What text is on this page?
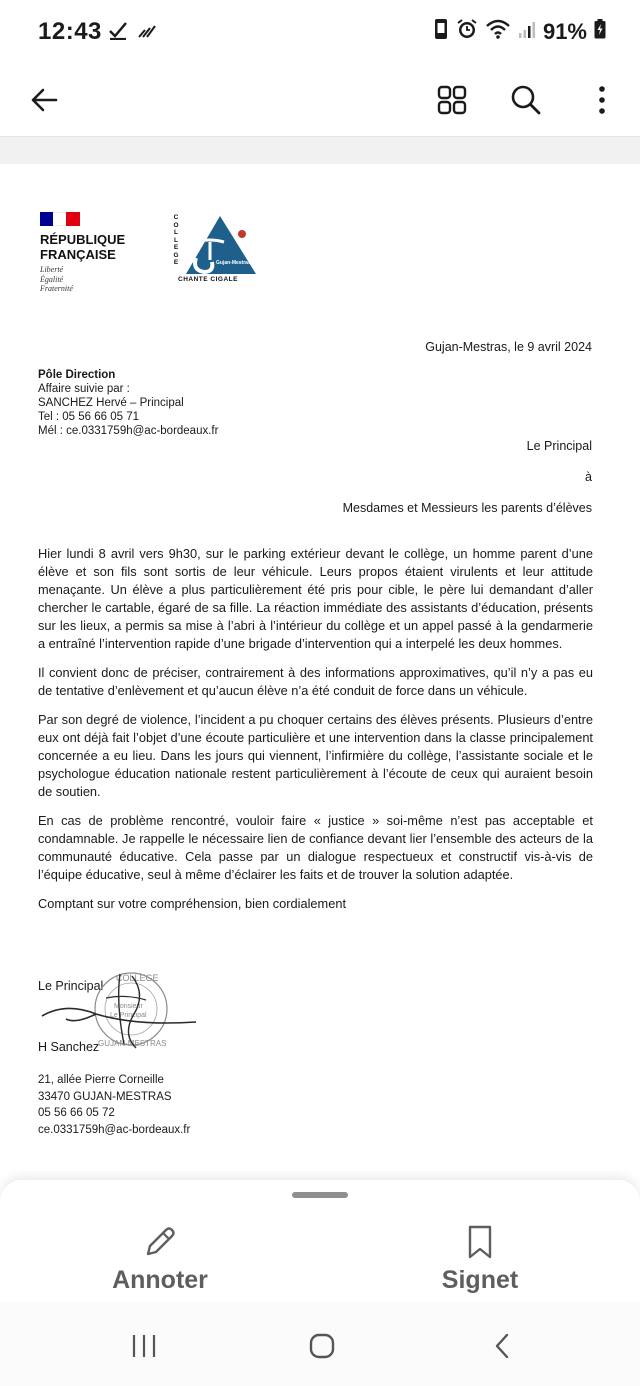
12:43	91%
RÉPUBLIQUE
FRANÇAISE
Liberté
Égalité
Fraternité
C
O
L
L
E
G
E	Gujan-Mestras
CHANTE CIGALE
Gujan-Mestras, le 9 avril 2024
Pôle Direction
Affaire suivie par :
SANCHEZ Hervé – Principal
Tel : 05 56 66 05 71
Mél : ce.0331759h@ac-bordeaux.fr
Le Principal
à
Mesdames et Messieurs les parents d’élèves

Hier lundi 8 avril vers 9h30, sur le parking extérieur devant le collège, un homme parent d’une élève et son fils sont sortis de leur véhicule. Leurs propos étaient virulents et leur attitude menaçante. Un élève a plus particulièrement été pris pour cible, le père lui demandant d’aller chercher le cartable, égaré de sa fille. La réaction immédiate des assistants d’éducation, présents sur les lieux, a permis sa mise à l’abri à l’intérieur du collège et un appel passé à la gendarmerie a entraîné l’intervention rapide d’une brigade d’intervention qui a interpelé les deux hommes.

Il convient donc de préciser, contrairement à des informations approximatives, qu’il n’y a pas eu de tentative d’enlèvement et qu’aucun élève n’a été conduit de force dans un véhicule.

Par son degré de violence, l’incident a pu choquer certains des élèves présents. Plusieurs d’entre eux ont déjà fait l’objet d’une écoute particulière et une intervention dans la classe principalement concernée a eu lieu. Dans les jours qui viennent, l’infirmière du collège, l’assistante sociale et le psychologue éducation nationale restent particulièrement à l’écoute de ceux qui auraient besoin de soutien.

En cas de problème rencontré, vouloir faire « justice » soi-même n’est pas acceptable et condamnable. Je rappelle le nécessaire lien de confiance devant lier l’ensemble des acteurs de la communauté éducative. Cela passe par un dialogue respectueux et constructif vis-à-vis de l’équipe éducative, seul à même d’éclairer les faits et de trouver la solution adaptée.

Comptant sur votre compréhension, bien cordialement

Le Principal
H Sanchez
COLLEGE
Monsieur
Le Principal
GUJAN-MESTRAS
21, allée Pierre Corneille
33470 GUJAN-MESTRAS
05 56 66 05 72
ce.0331759h@ac-bordeaux.fr
Annoter	Signet
